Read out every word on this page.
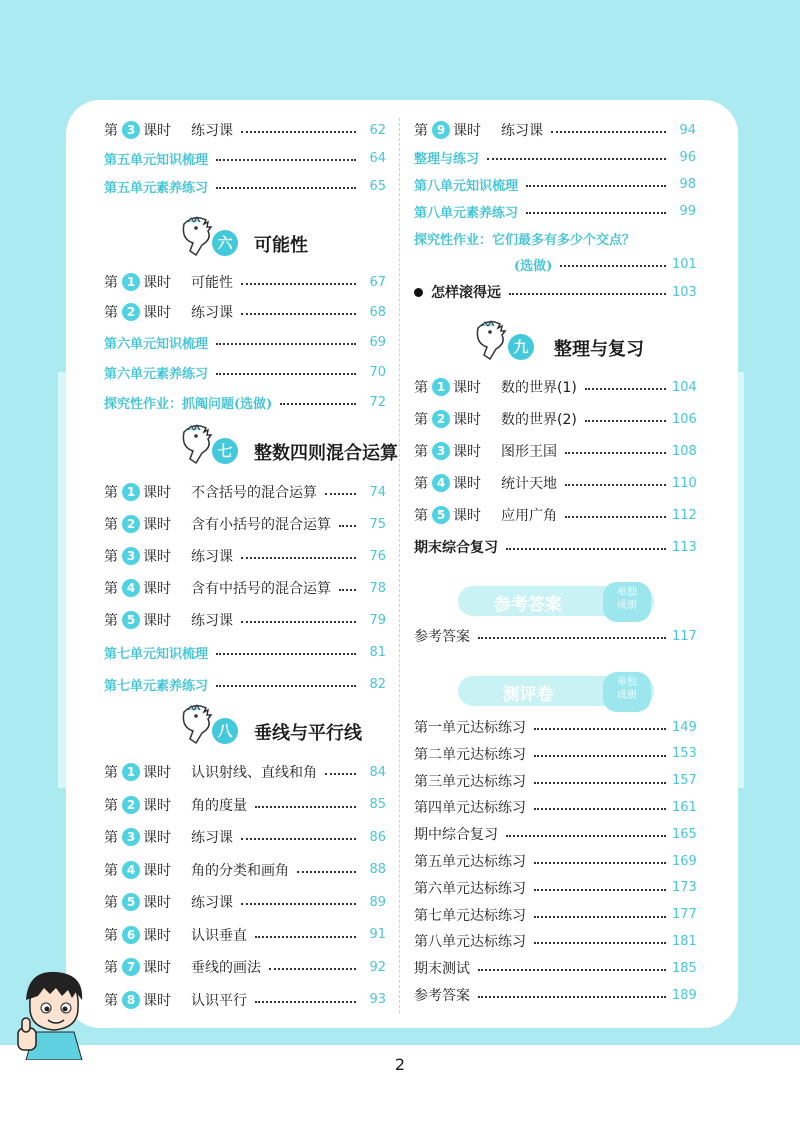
第 3 课时	练习课	62
第五单元知识梳理	64
第五单元素养练习	65
六	可能性
第 1 课时	可能性	67
第 2 课时	练习课	68
第六单元知识梳理	69
第六单元素养练习	70
探究性作业：抓阄问题(选做)	72
七	整数四则混合运算
第 1 课时	不含括号的混合运算	74
第 2 课时	含有小括号的混合运算	75
第 3 课时	练习课	76
第 4 课时	含有中括号的混合运算	78
第 5 课时	练习课	79
第七单元知识梳理	81
第七单元素养练习	82
八	垂线与平行线
第 1 课时	认识射线、直线和角	84
第 2 课时	角的度量	85
第 3 课时	练习课	86
第 4 课时	角的分类和画角	88
第 5 课时	练习课	89
第 6 课时	认识垂直	91
第 7 课时	垂线的画法	92
第 8 课时	认识平行	93
第 9 课时	练习课	94
整理与练习	96
第八单元知识梳理	98
第八单元素养练习	99
探究性作业：它们最多有多少个交点？
(选做)	101
怎样滚得远	103
九	整理与复习
第 1 课时	数的世界(1)	104
第 2 课时	数的世界(2)	106
第 3 课时	图形王国	108
第 4 课时	统计天地	110
第 5 课时	应用广角	112
期末综合复习	113
参考答案
单独
成册
参考答案	117
测评卷
单独
成册
第一单元达标练习	149
第二单元达标练习	153
第三单元达标练习	157
第四单元达标练习	161
期中综合复习	165
第五单元达标练习	169
第六单元达标练习	173
第七单元达标练习	177
第八单元达标练习	181
期末测试	185
参考答案	189
2
